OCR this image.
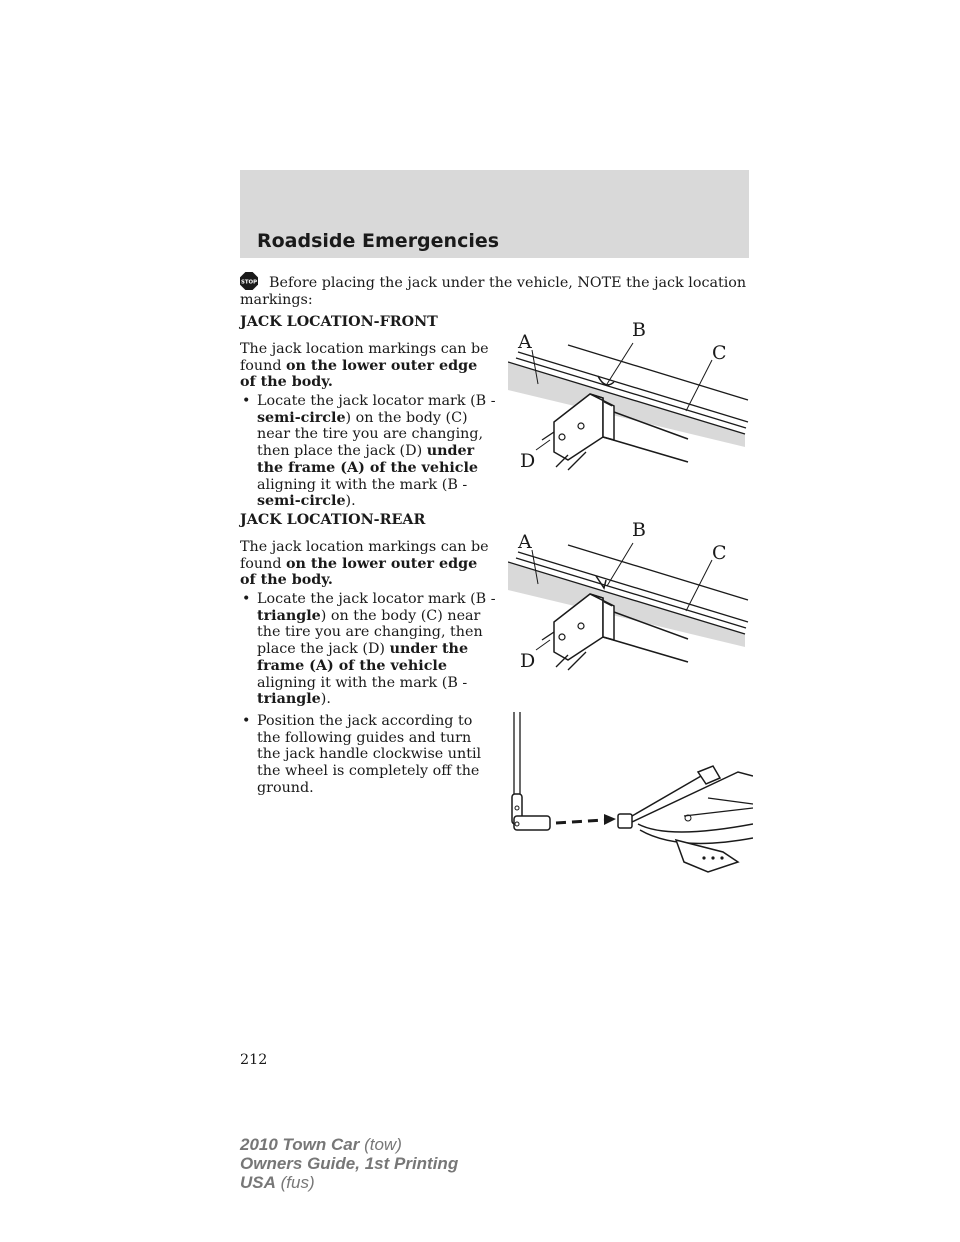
Roadside Emergencies
STOP Before placing the jack under the vehicle, NOTE the jack location markings:
JACK LOCATION-FRONT
The jack location markings can be found on the lower outer edge of the body.
• Locate the jack locator mark (B -semi-circle) on the body (C) near the tire you are changing, then place the jack (D) under the frame (A) of the vehicle aligning it with the mark (B -semi-circle).
A
B
C
D
JACK LOCATION-REAR
The jack location markings can be found on the lower outer edge of the body.
• Locate the jack locator mark (B -triangle) on the body (C) near the tire you are changing, then place the jack (D) under the frame (A) of the vehicle aligning it with the mark (B -triangle).
A
B
C
D
• Position the jack according to the following guides and turn the jack handle clockwise until the wheel is completely off the ground.
212
2010 Town Car (tow)
Owners Guide, 1st Printing
USA (fus)
